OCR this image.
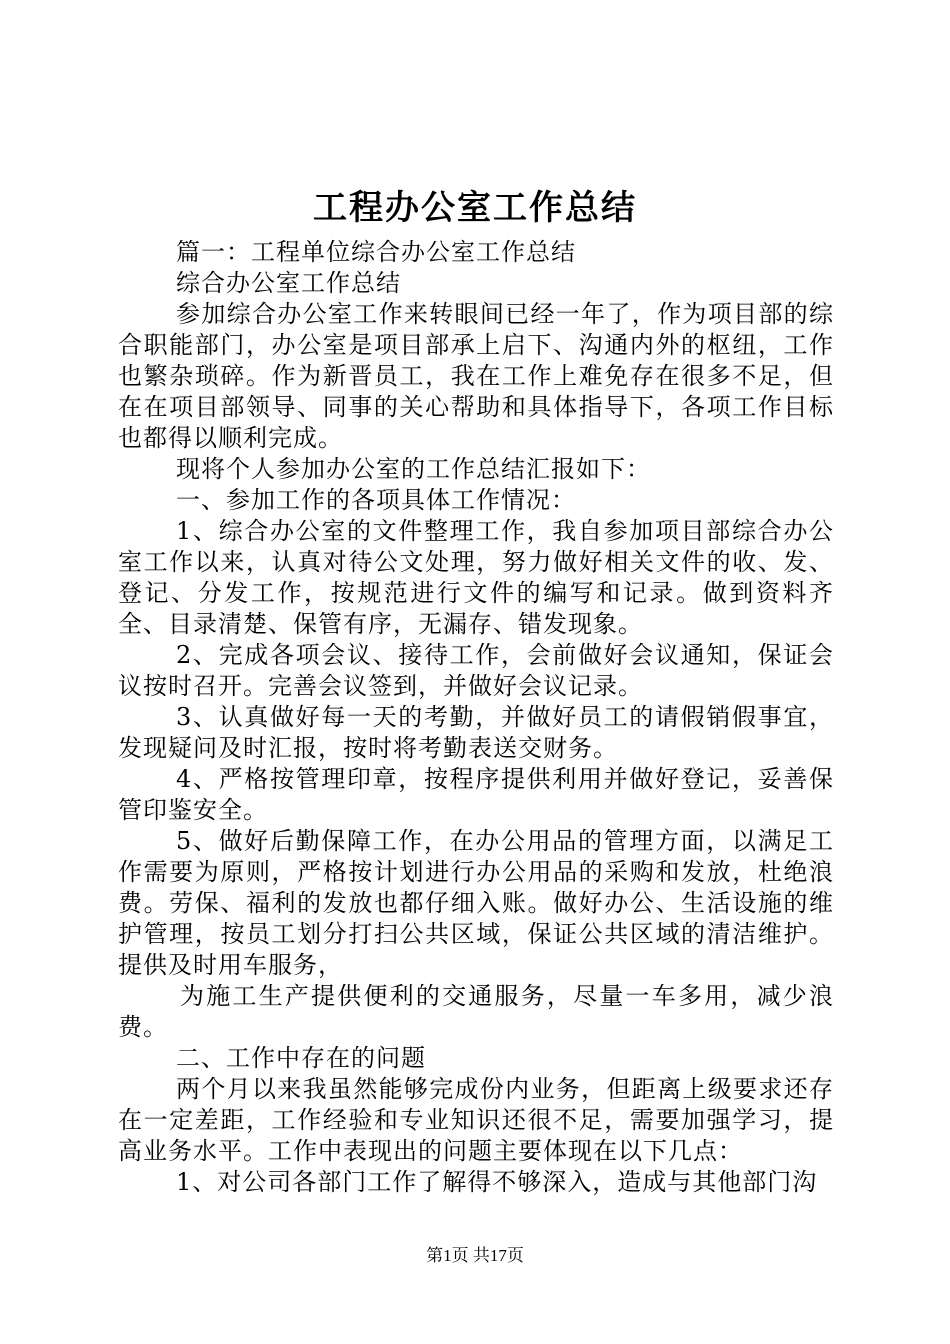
工程办公室工作总结

篇一：工程单位综合办公室工作总结

综合办公室工作总结

参加综合办公室工作来转眼间已经一年了，作为项目部的综合职能部门，办公室是项目部承上启下、沟通内外的枢纽，工作也繁杂琐碎。作为新晋员工，我在工作上难免存在很多不足，但在在项目部领导、同事的关心帮助和具体指导下，各项工作目标也都得以顺利完成。

现将个人参加办公室的工作总结汇报如下：

一、参加工作的各项具体工作情况：

1、综合办公室的文件整理工作，我自参加项目部综合办公室工作以来，认真对待公文处理，努力做好相关文件的收、发、登记、分发工作，按规范进行文件的编写和记录。做到资料齐全、目录清楚、保管有序，无漏存、错发现象。

2、完成各项会议、接待工作，会前做好会议通知，保证会议按时召开。完善会议签到，并做好会议记录。

3、认真做好每一天的考勤，并做好员工的请假销假事宜，发现疑问及时汇报，按时将考勤表送交财务。

4、严格按管理印章，按程序提供利用并做好登记，妥善保管印鉴安全。

5、做好后勤保障工作，在办公用品的管理方面，以满足工作需要为原则，严格按计划进行办公用品的采购和发放，杜绝浪费。劳保、福利的发放也都仔细入账。做好办公、生活设施的维护管理，按员工划分打扫公共区域，保证公共区域的清洁维护。提供及时用车服务，

为施工生产提供便利的交通服务，尽量一车多用，减少浪费。

二、工作中存在的问题

两个月以来我虽然能够完成份内业务，但距离上级要求还存在一定差距，工作经验和专业知识还很不足，需要加强学习，提高业务水平。工作中表现出的问题主要体现在以下几点：

1、对公司各部门工作了解得不够深入，造成与其他部门沟

第1页 共17页
